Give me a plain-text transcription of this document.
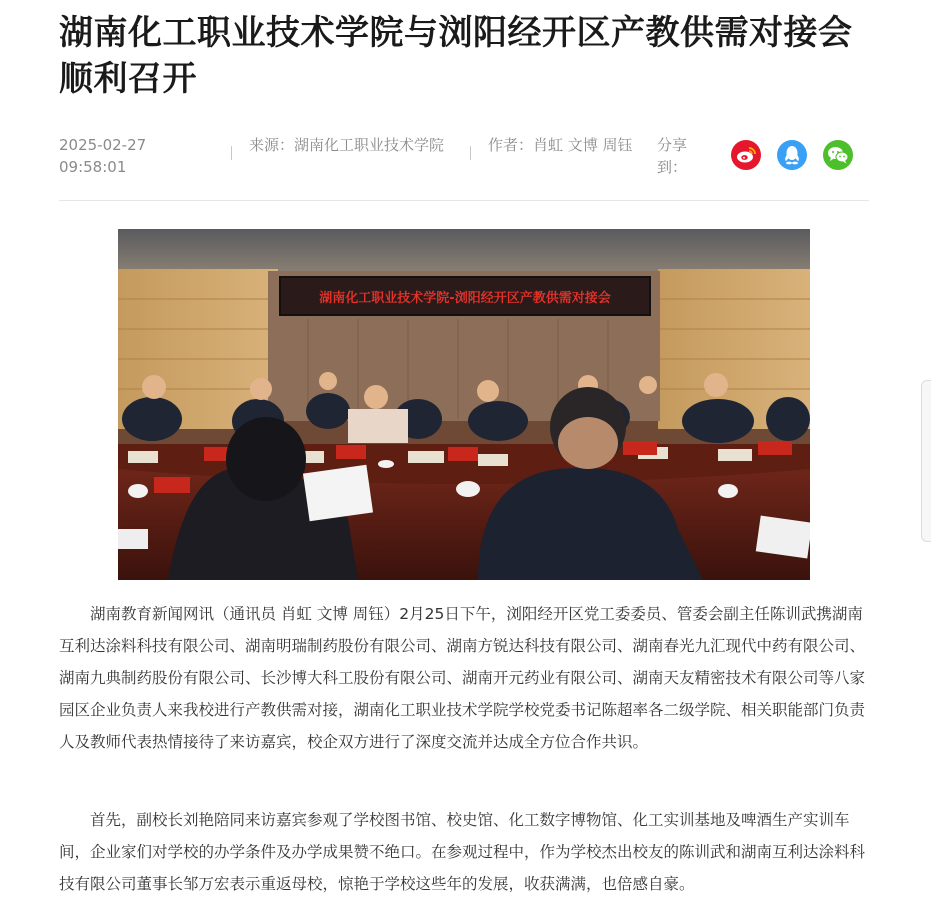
湖南化工职业技术学院与浏阳经开区产教供需对接会顺利召开
2025-02-27
09:58:01
来源：湖南化工职业技术学院	作者：肖虹 文博 周钰	分享到：
湖南化工职业技术学院-浏阳经开区产教供需对接会

湖南教育新闻网讯（通讯员 肖虹 文博 周钰）2月25日下午，浏阳经开区党工委委员、管委会副主任陈训武携湖南互利达涂料科技有限公司、湖南明瑞制药股份有限公司、湖南方锐达科技有限公司、湖南春光九汇现代中药有限公司、湖南九典制药股份有限公司、长沙博大科工股份有限公司、湖南开元药业有限公司、湖南天友精密技术有限公司等八家园区企业负责人来我校进行产教供需对接，湖南化工职业技术学院学校党委书记陈超率各二级学院、相关职能部门负责人及教师代表热情接待了来访嘉宾，校企双方进行了深度交流并达成全方位合作共识。

首先，副校长刘艳陪同来访嘉宾参观了学校图书馆、校史馆、化工数字博物馆、化工实训基地及啤酒生产实训车间，企业家们对学校的办学条件及办学成果赞不绝口。在参观过程中，作为学校杰出校友的陈训武和湖南互利达涂料科技有限公司董事长邹万宏表示重返母校，惊艳于学校这些年的发展，收获满满，也倍感自豪。
